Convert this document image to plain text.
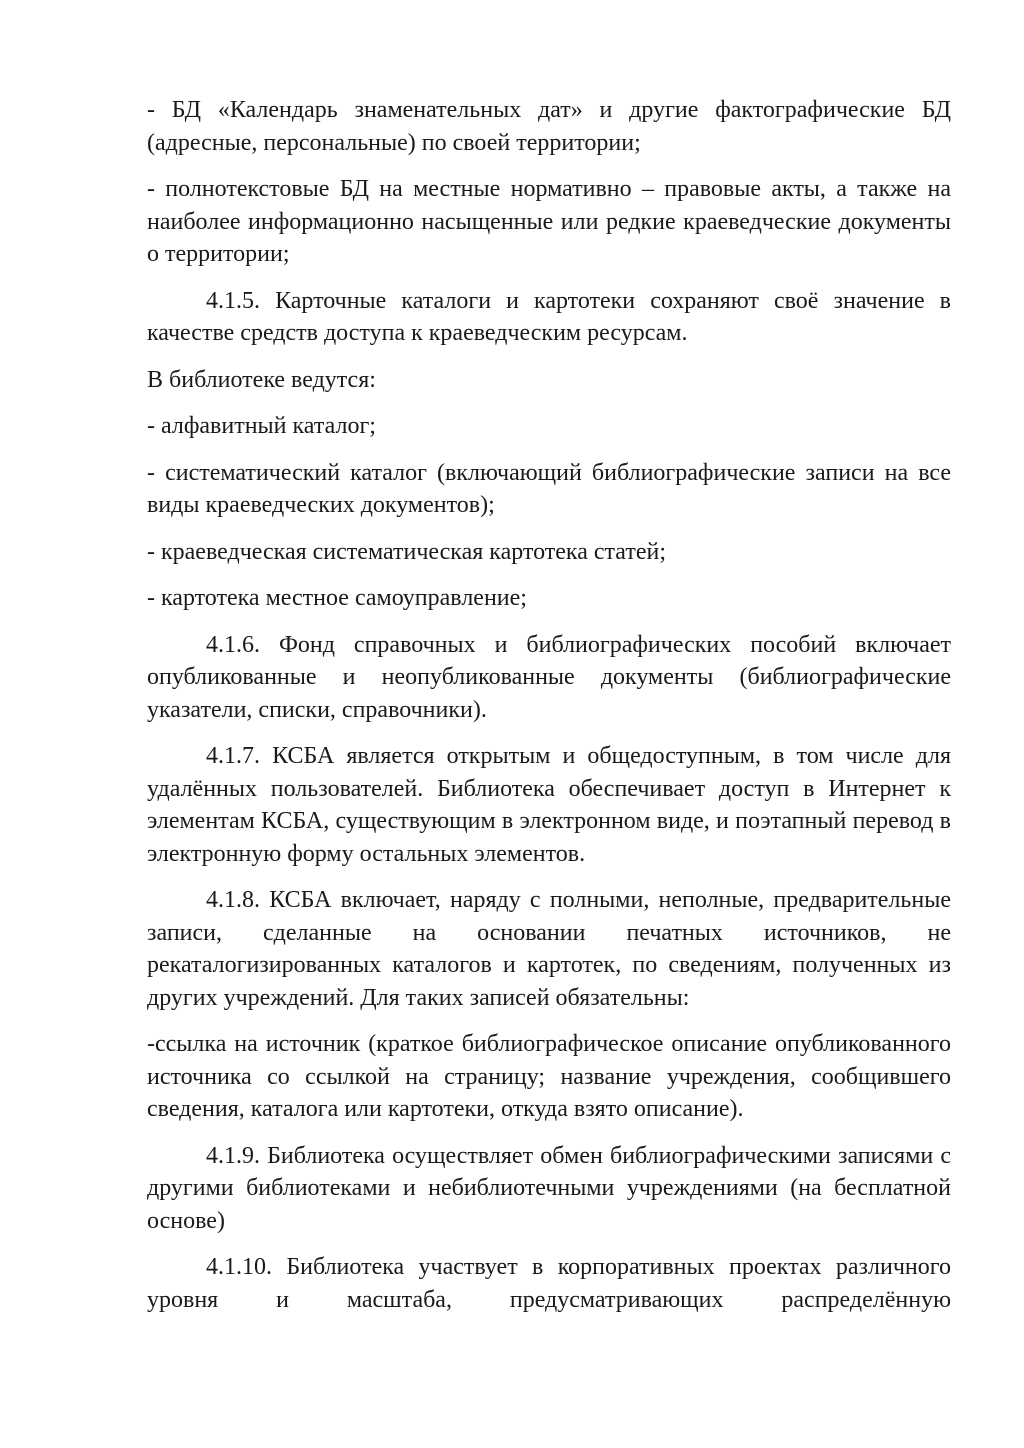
- БД «Календарь знаменательных дат» и другие фактографические БД (адресные, персональные) по своей территории;

- полнотекстовые БД на местные нормативно – правовые акты, а также на наиболее информационно насыщенные или редкие краеведческие документы о территории;

4.1.5. Карточные каталоги и картотеки сохраняют своё значение в качестве средств доступа к краеведческим ресурсам.

В библиотеке ведутся:

- алфавитный каталог;

- систематический каталог (включающий библиографические записи на все виды краеведческих документов);

- краеведческая систематическая картотека статей;

- картотека местное самоуправление;

4.1.6. Фонд справочных и библиографических пособий включает опубликованные и неопубликованные документы (библиографические указатели, списки, справочники).

4.1.7. КСБА является открытым и общедоступным, в том числе для удалённых пользователей. Библиотека обеспечивает доступ в Интернет к элементам КСБА, существующим в электронном виде, и поэтапный перевод в электронную форму остальных элементов.

4.1.8. КСБА включает, наряду с полными, неполные, предварительные записи, сделанные на основании печатных источников, не рекаталогизированных каталогов и картотек, по сведениям, полученных из других учреждений. Для таких записей обязательны:

-ссылка на источник (краткое библиографическое описание опубликованного источника со ссылкой на страницу; название учреждения, сообщившего сведения, каталога или картотеки, откуда взято описание).

4.1.9. Библиотека осуществляет обмен библиографическими записями с другими библиотеками и небиблиотечными учреждениями (на бесплатной основе)

4.1.10. Библиотека участвует в корпоративных проектах различного уровня и масштаба, предусматривающих распределённую
